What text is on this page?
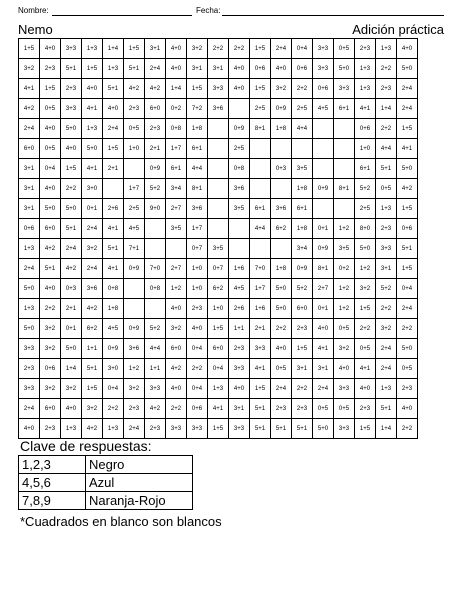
Nombre:	Fecha:
Nemo	Adición práctica
1+5	4+0	3+3	1+3	1+4	1+5	3+1	4+0	3+2	2+2	2+2	1+5	2+4	0+4	3+3	0+5	2+3	1+3	4+0
3+2	2+3	5+1	1+5	1+3	5+1	2+4	4+0	3+1	3+1	4+0	0+6	4+0	0+6	3+3	5+0	1+3	2+2	5+0
4+1	1+5	2+3	4+0	5+1	4+2	4+2	1+4	1+5	3+3	4+0	1+5	3+2	2+2	0+6	3+3	1+3	2+3	2+4
4+2	0+5	3+3	4+1	4+0	2+3	6+0	0+2	7+2	3+6		2+5	0+9	2+5	4+5	6+1	4+1	1+4	2+4
2+4	4+0	5+0	1+3	2+4	0+5	2+3	0+8	1+8		0+9	8+1	1+8	4+4			0+6	2+2	1+5
6+0	0+5	4+0	5+0	1+5	1+0	2+1	1+7	6+1		2+5						1+0	4+4	4+1
3+1	0+4	1+5	4+1	2+1		0+9	6+1	4+4		0+8		0+3	3+5			6+1	5+1	5+0
3+1	4+0	2+2	3+0		1+7	5+2	3+4	8+1		3+6			1+8	0+9	8+1	5+2	0+5	4+2
3+1	5+0	5+0	0+1	2+6	2+5	9+0	2+7	3+6		3+5	6+1	3+6	6+1			2+5	1+3	1+5
0+6	6+0	5+1	2+4	4+1	4+5		3+5	1+7			4+4	6+2	1+8	0+1	1+2	8+0	2+3	0+6
1+3	4+2	2+4	3+2	5+1	7+1			0+7	3+5				3+4	0+9	3+5	5+0	3+3	5+1
2+4	5+1	4+2	2+4	4+1	0+9	7+0	2+7	1+0	0+7	1+6	7+0	1+8	0+9	8+1	0+2	1+2	3+1	1+5
5+0	4+0	0+3	3+6	0+8		0+8	1+2	1+0	6+2	4+5	1+7	5+0	5+2	2+7	1+2	3+2	5+2	0+4
1+3	2+2	2+1	4+2	1+8			4+0	2+3	1+0	2+6	1+6	5+0	6+0	0+1	1+2	1+5	2+2	2+4
5+0	3+2	0+1	6+2	4+5	0+9	5+2	3+2	4+0	1+5	1+1	2+1	2+2	2+3	4+0	0+5	2+2	3+2	2+2
3+3	3+2	5+0	1+1	0+9	3+6	4+4	6+0	0+4	6+0	2+3	3+3	4+0	1+5	4+1	3+2	0+5	2+4	5+0
2+3	0+6	1+4	5+1	3+0	1+2	1+1	4+2	2+2	0+4	3+3	4+1	0+5	3+1	3+1	4+0	4+1	2+4	0+5
3+3	3+2	3+2	1+5	0+4	3+2	3+3	4+0	0+4	1+3	4+0	1+5	2+4	2+2	2+4	3+3	4+0	1+3	2+3
2+4	6+0	4+0	3+2	2+2	2+3	4+2	2+2	0+6	4+1	3+1	5+1	2+3	2+3	0+5	0+5	2+3	5+1	4+0
4+0	2+3	1+3	4+2	1+3	2+4	2+3	3+3	3+3	1+5	3+3	5+1	5+1	5+1	5+0	3+3	1+5	1+4	2+2
Clave de respuestas:
1,2,3	Negro
4,5,6	Azul
7,8,9	Naranja-Rojo
*Cuadrados en blanco son blancos
